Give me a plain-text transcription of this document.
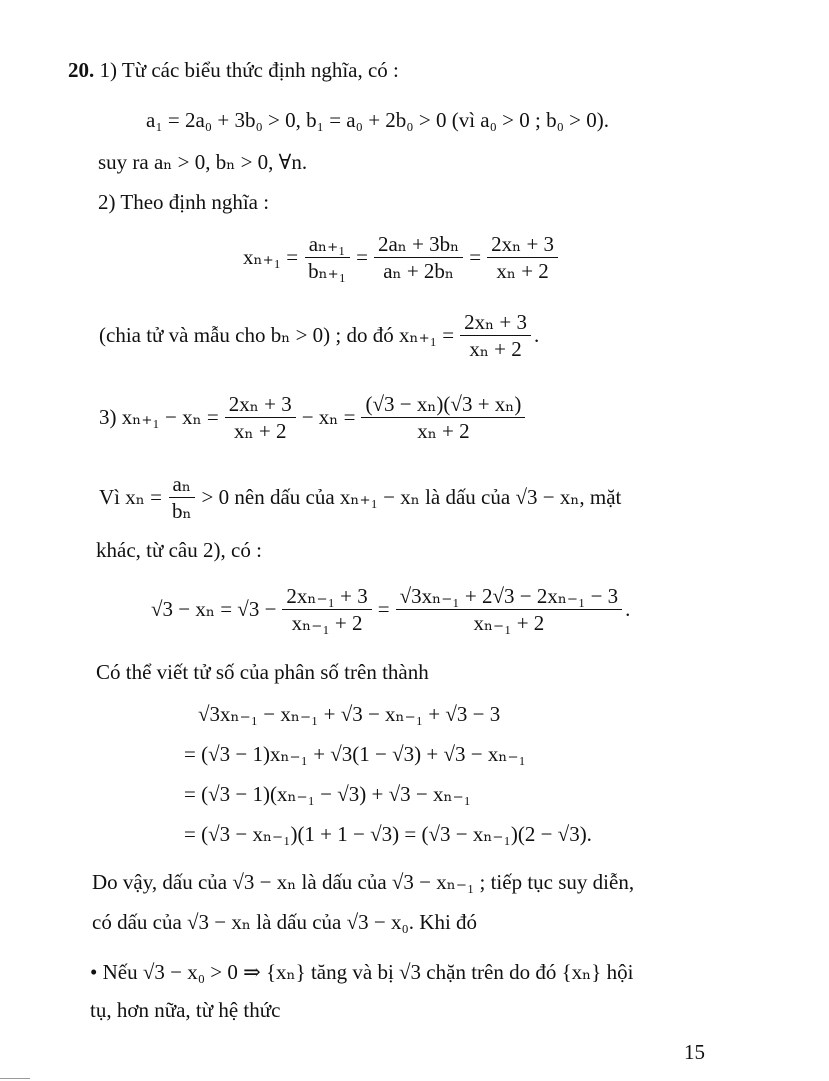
20. 1) Từ các biểu thức định nghĩa, có :
a₁ = 2a₀ + 3b₀ > 0, b₁ = a₀ + 2b₀ > 0 (vì a₀ > 0 ; b₀ > 0).
suy ra aₙ > 0, bₙ > 0, ∀n.
2) Theo định nghĩa :
$x_{n+1} = \frac{\text{aₙ₊₁}}{\text{bₙ₊₁}} = \frac{\text{2aₙ + 3bₙ}}{\text{aₙ + 2bₙ}} = \frac{\text{2xₙ + 3}}{\text{xₙ + 2}}$
(chia tử và mẫu cho bₙ > 0) ; do đó $x_{n+1} = \frac{\text{2xₙ + 3}}{\text{xₙ + 2}}$ .
3) $x_{n+1} - x_n = \frac{\text{2xₙ + 3}}{\text{xₙ + 2}} - x_n = \frac{\text{(√3 − xₙ)(√3 + xₙ)}}{\text{xₙ + 2}}$
Vì $x_n = \frac{\text{aₙ}}{\text{bₙ}} > 0$ nên dấu của xₙ₊₁ − xₙ là dấu của √3 − xₙ, mặt
khác, từ câu 2), có :
$√3 - x_n = √3 - \frac{\text{2xₙ₋₁ + 3}}{\text{xₙ₋₁ + 2}} = \frac{\text{√3xₙ₋₁ + 2√3 − 2xₙ₋₁ − 3}}{\text{xₙ₋₁ + 2}}$ .
Có thể viết tử số của phân số trên thành
√3xₙ₋₁ − xₙ₋₁ + √3 − xₙ₋₁ + √3 − 3
= (√3 − 1)xₙ₋₁ + √3(1 − √3) + √3 − xₙ₋₁
= (√3 − 1)(xₙ₋₁ − √3) + √3 − xₙ₋₁
= (√3 − xₙ₋₁)(1 + 1 − √3) = (√3 − xₙ₋₁)(2 − √3).
Do vậy, dấu của √3 − xₙ là dấu của √3 − xₙ₋₁ ; tiếp tục suy diễn,
có dấu của √3 − xₙ là dấu của √3 − x₀. Khi đó
• Nếu √3 − x₀ > 0 ⇒ {xₙ} tăng và bị √3 chặn trên do đó {xₙ} hội
tụ, hơn nữa, từ hệ thức
15
